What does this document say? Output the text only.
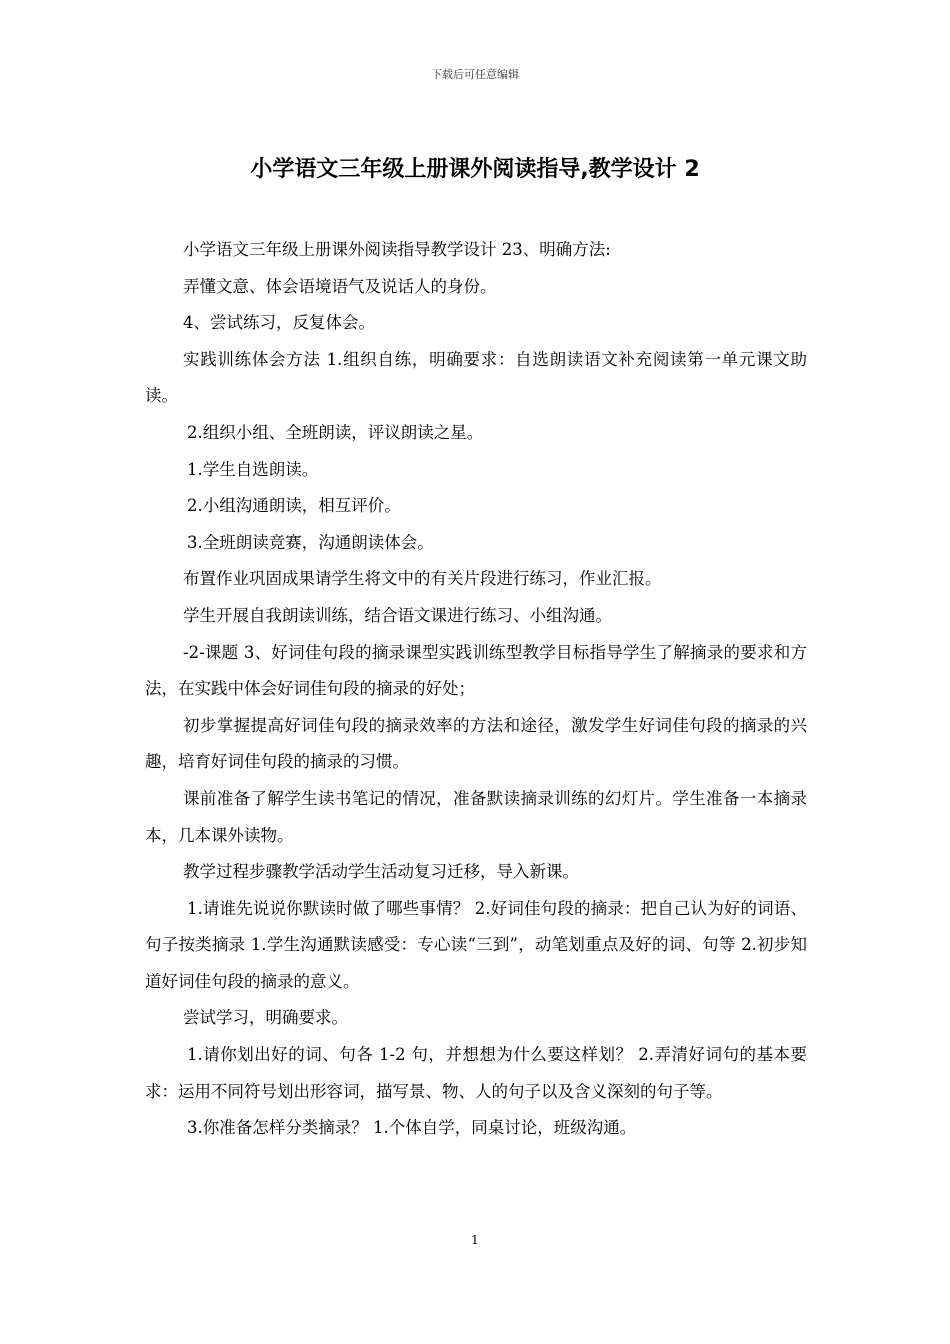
下载后可任意编辑
小学语文三年级上册课外阅读指导,教学设计 2

小学语文三年级上册课外阅读指导教学设计 23、明确方法:

弄懂文意、体会语境语气及说话人的身份。

4、尝试练习，反复体会。

实践训练体会方法 1.组织自练，明确要求：自选朗读语文补充阅读第一单元课文助读。

2.组织小组、全班朗读，评议朗读之星。

1.学生自选朗读。

2.小组沟通朗读，相互评价。

3.全班朗读竞赛，沟通朗读体会。

布置作业巩固成果请学生将文中的有关片段进行练习，作业汇报。

学生开展自我朗读训练，结合语文课进行练习、小组沟通。

-2-课题 3、好词佳句段的摘录课型实践训练型教学目标指导学生了解摘录的要求和方法，在实践中体会好词佳句段的摘录的好处；

初步掌握提高好词佳句段的摘录效率的方法和途径，激发学生好词佳句段的摘录的兴趣，培育好词佳句段的摘录的习惯。

课前准备了解学生读书笔记的情况，准备默读摘录训练的幻灯片。学生准备一本摘录本，几本课外读物。

教学过程步骤教学活动学生活动复习迁移，导入新课。

1.请谁先说说你默读时做了哪些事情？ 2.好词佳句段的摘录：把自己认为好的词语、句子按类摘录 1.学生沟通默读感受：专心读“三到”，动笔划重点及好的词、句等 2.初步知道好词佳句段的摘录的意义。

尝试学习，明确要求。

1.请你划出好的词、句各 1-2 句，并想想为什么要这样划？ 2.弄清好词句的基本要求：运用不同符号划出形容词，描写景、物、人的句子以及含义深刻的句子等。

3.你准备怎样分类摘录？ 1.个体自学，同桌讨论，班级沟通。

1
